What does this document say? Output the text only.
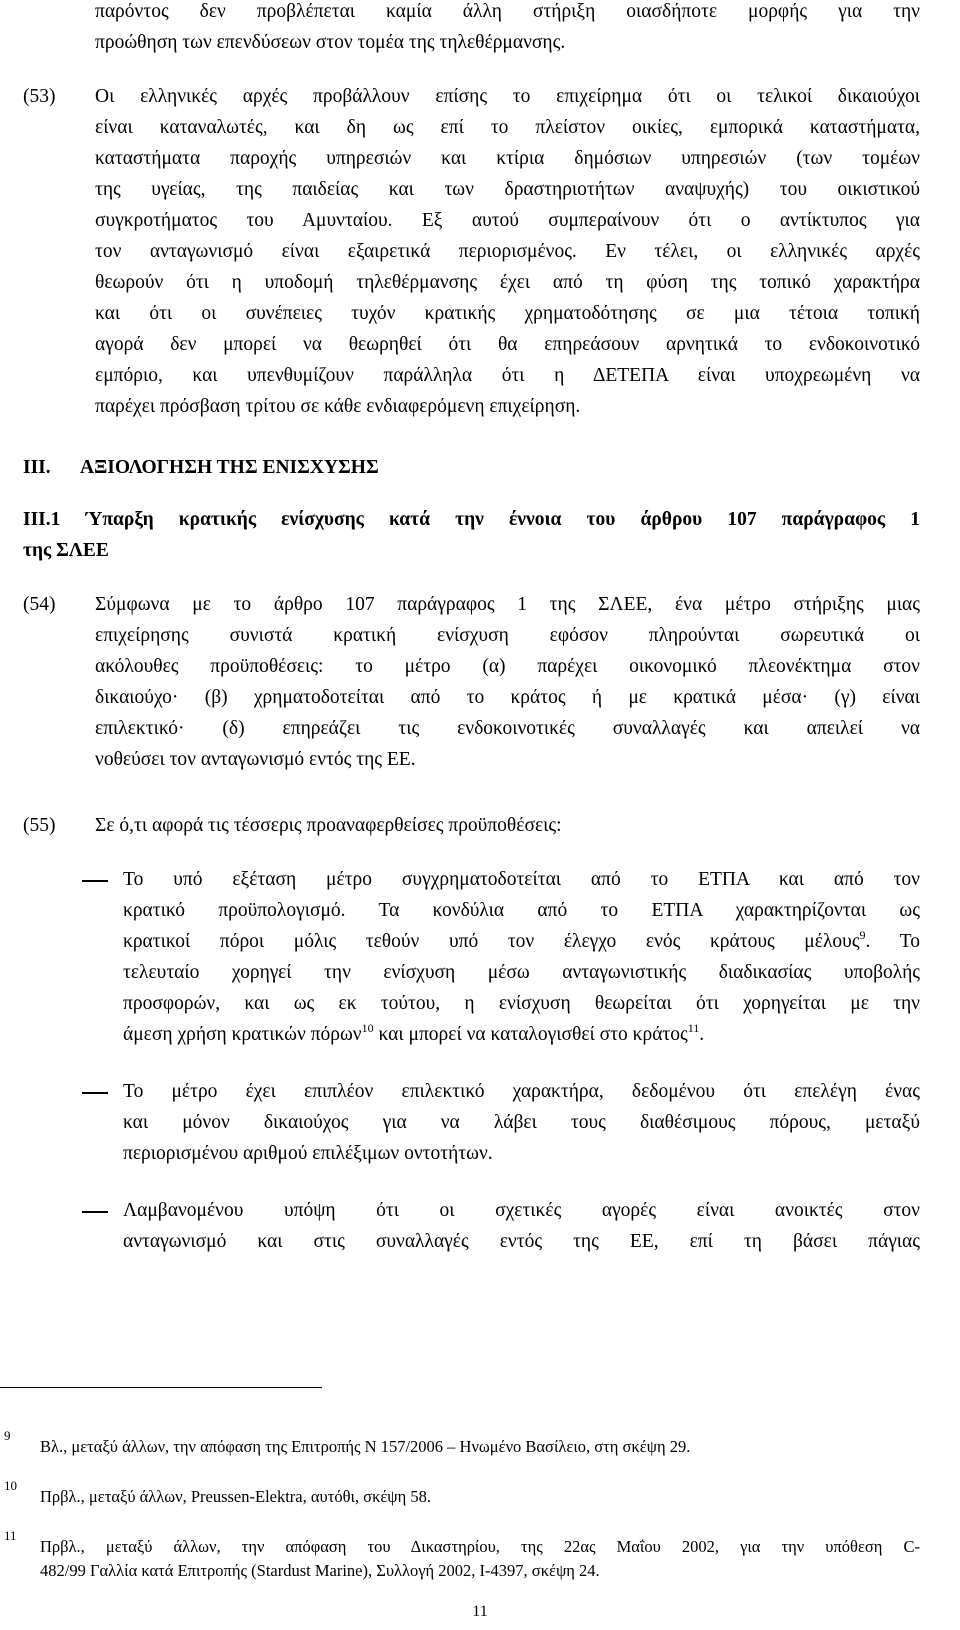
παρόντος δεν προβλέπεται καμία άλλη στήριξη οιασδήποτε μορφής για την
προώθηση των επενδύσεων στον τομέα της τηλεθέρμανσης.
(53) Οι ελληνικές αρχές προβάλλουν επίσης το επιχείρημα ότι οι τελικοί δικαιούχοι
είναι καταναλωτές, και δη ως επί το πλείστον οικίες, εμπορικά καταστήματα,
καταστήματα παροχής υπηρεσιών και κτίρια δημόσιων υπηρεσιών (των τομέων
της υγείας, της παιδείας και των δραστηριοτήτων αναψυχής) του οικιστικού
συγκροτήματος του Αμυνταίου. Εξ αυτού συμπεραίνουν ότι ο αντίκτυπος για
τον ανταγωνισμό είναι εξαιρετικά περιορισμένος. Εν τέλει, οι ελληνικές αρχές
θεωρούν ότι η υποδομή τηλεθέρμανσης έχει από τη φύση της τοπικό χαρακτήρα
και ότι οι συνέπειες τυχόν κρατικής χρηματοδότησης σε μια τέτοια τοπική
αγορά δεν μπορεί να θεωρηθεί ότι θα επηρεάσουν αρνητικά το ενδοκοινοτικό
εμπόριο, και υπενθυμίζουν παράλληλα ότι η ΔΕΤΕΠΑ είναι υποχρεωμένη να
παρέχει πρόσβαση τρίτου σε κάθε ενδιαφερόμενη επιχείρηση.
III. ΑΞΙΟΛΟΓΗΣΗ ΤΗΣ ΕΝΙΣΧΥΣΗΣ
ΙΙΙ.1 Ύπαρξη κρατικής ενίσχυσης κατά την έννοια του άρθρου 107 παράγραφος 1
της ΣΛΕΕ
(54) Σύμφωνα με το άρθρο 107 παράγραφος 1 της ΣΛΕΕ, ένα μέτρο στήριξης μιας
επιχείρησης συνιστά κρατική ενίσχυση εφόσον πληρούνται σωρευτικά οι
ακόλουθες προϋποθέσεις: το μέτρο (α) παρέχει οικονομικό πλεονέκτημα στον
δικαιούχο· (β) χρηματοδοτείται από το κράτος ή με κρατικά μέσα· (γ) είναι
επιλεκτικό· (δ) επηρεάζει τις ενδοκοινοτικές συναλλαγές και απειλεί να
νοθεύσει τον ανταγωνισμό εντός της ΕΕ.
(55) Σε ό,τι αφορά τις τέσσερις προαναφερθείσες προϋποθέσεις:
Το υπό εξέταση μέτρο συγχρηματοδοτείται από το ΕΤΠΑ και από τον
κρατικό προϋπολογισμό. Τα κονδύλια από το ΕΤΠΑ χαρακτηρίζονται ως
κρατικοί πόροι μόλις τεθούν υπό τον έλεγχο ενός κράτους μέλους$^9$. Το
τελευταίο χορηγεί την ενίσχυση μέσω ανταγωνιστικής διαδικασίας υποβολής
προσφορών, και ως εκ τούτου, η ενίσχυση θεωρείται ότι χορηγείται με την
άμεση χρήση κρατικών πόρων$^{10}$ και μπορεί να καταλογισθεί στο κράτος$^{11}$.
Το μέτρο έχει επιπλέον επιλεκτικό χαρακτήρα, δεδομένου ότι επελέγη ένας
και μόνον δικαιούχος για να λάβει τους διαθέσιμους πόρους, μεταξύ
περιορισμένου αριθμού επιλέξιμων οντοτήτων.
Λαμβανομένου υπόψη ότι οι σχετικές αγορές είναι ανοικτές στον
ανταγωνισμό και στις συναλλαγές εντός της ΕΕ, επί τη βάσει πάγιας
9
Βλ., μεταξύ άλλων, την απόφαση της Επιτροπής Ν 157/2006 – Ηνωμένο Βασίλειο, στη σκέψη 29.
10
Πρβλ., μεταξύ άλλων, Preussen-Elektra, αυτόθι, σκέψη 58.
11
Πρβλ., μεταξύ άλλων, την απόφαση του Δικαστηρίου, της 22ας Μαΐου 2002, για την υπόθεση C-
482/99 Γαλλία κατά Επιτροπής (Stardust Marine), Συλλογή 2002, Ι-4397, σκέψη 24.
11
